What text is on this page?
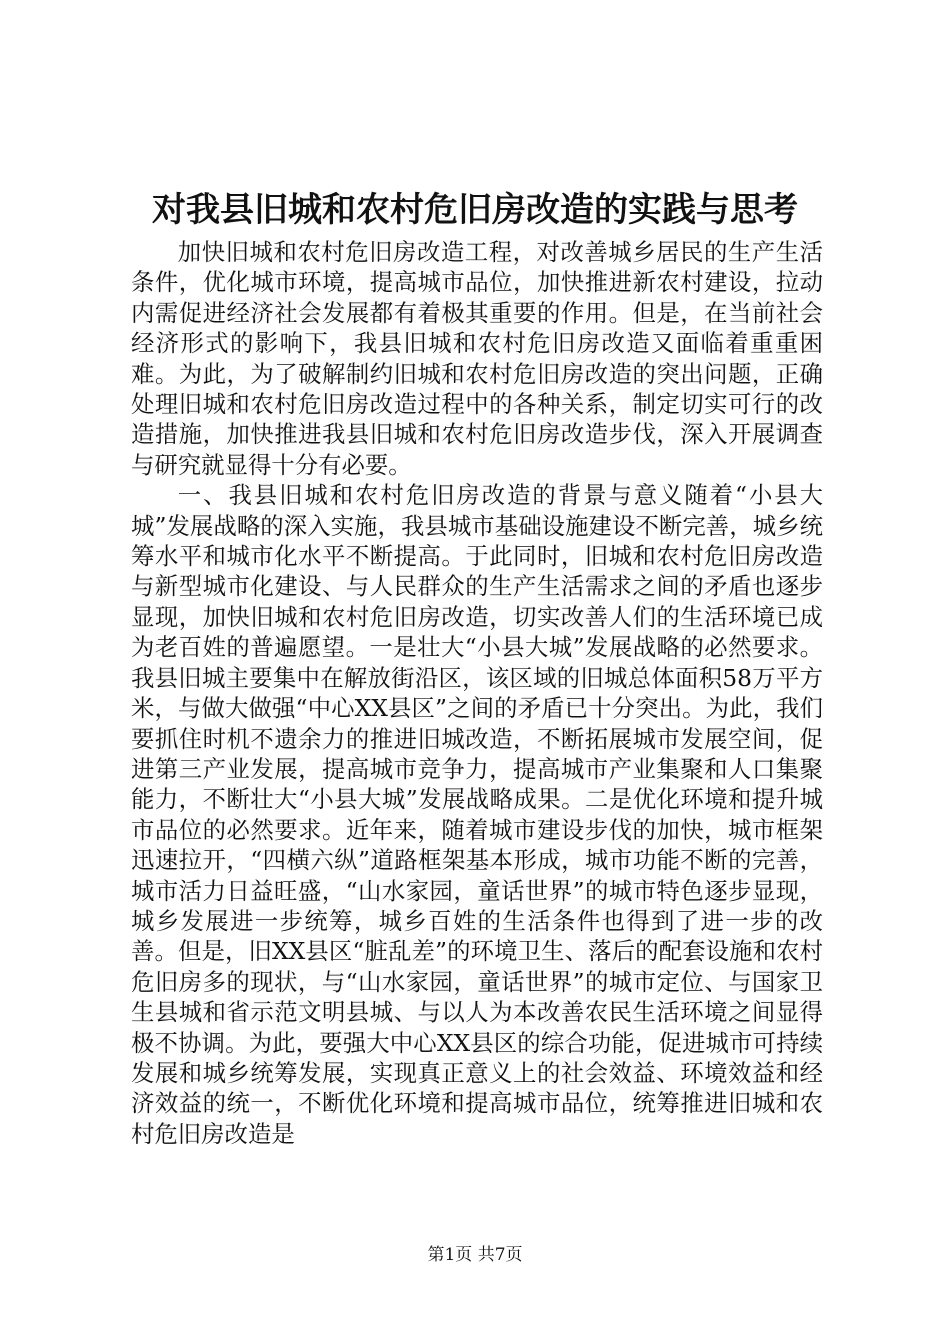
对我县旧城和农村危旧房改造的实践与思考

加快旧城和农村危旧房改造工程，对改善城乡居民的生产生活条件，优化城市环境，提高城市品位，加快推进新农村建设，拉动内需促进经济社会发展都有着极其重要的作用。但是，在当前社会经济形式的影响下，我县旧城和农村危旧房改造又面临着重重困难。为此，为了破解制约旧城和农村危旧房改造的突出问题，正确处理旧城和农村危旧房改造过程中的各种关系，制定切实可行的改造措施，加快推进我县旧城和农村危旧房改造步伐，深入开展调查与研究就显得十分有必要。

一、我县旧城和农村危旧房改造的背景与意义随着“小县大城”发展战略的深入实施，我县城市基础设施建设不断完善，城乡统筹水平和城市化水平不断提高。于此同时，旧城和农村危旧房改造与新型城市化建设、与人民群众的生产生活需求之间的矛盾也逐步显现，加快旧城和农村危旧房改造，切实改善人们的生活环境已成为老百姓的普遍愿望。一是壮大“小县大城”发展战略的必然要求。我县旧城主要集中在解放街沿区，该区域的旧城总体面积58万平方米，与做大做强“中心XX县区”之间的矛盾已十分突出。为此，我们要抓住时机不遗余力的推进旧城改造，不断拓展城市发展空间，促进第三产业发展，提高城市竞争力，提高城市产业集聚和人口集聚能力，不断壮大“小县大城”发展战略成果。二是优化环境和提升城市品位的必然要求。近年来，随着城市建设步伐的加快，城市框架迅速拉开，“四横六纵”道路框架基本形成，城市功能不断的完善，城市活力日益旺盛，“山水家园，童话世界”的城市特色逐步显现，城乡发展进一步统筹，城乡百姓的生活条件也得到了进一步的改善。但是，旧XX县区“脏乱差”的环境卫生、落后的配套设施和农村危旧房多的现状，与“山水家园，童话世界”的城市定位、与国家卫生县城和省示范文明县城、与以人为本改善农民生活环境之间显得极不协调。为此，要强大中心XX县区的综合功能，促进城市可持续发展和城乡统筹发展，实现真正意义上的社会效益、环境效益和经济效益的统一，不断优化环境和提高城市品位，统筹推进旧城和农村危旧房改造是

第1页 共7页
